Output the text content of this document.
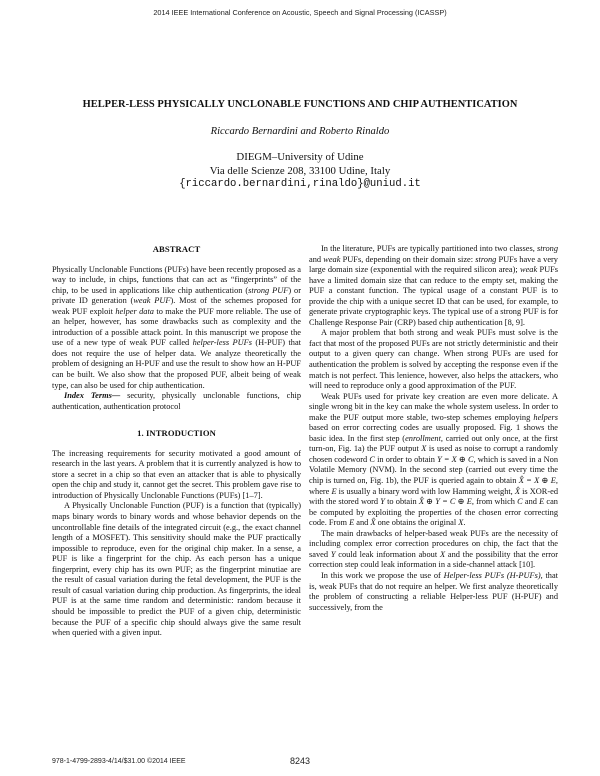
2014 IEEE International Conference on Acoustic, Speech and Signal Processing (ICASSP)
HELPER-LESS PHYSICALLY UNCLONABLE FUNCTIONS AND CHIP AUTHENTICATION
Riccardo Bernardini and Roberto Rinaldo
DIEGM–University of Udine
Via delle Scienze 208, 33100 Udine, Italy
{riccardo.bernardini,rinaldo}@uniud.it
ABSTRACT

Physically Unclonable Functions (PUFs) have been recently proposed as a way to include, in chips, functions that can act as “fingerprints” of the chip, to be used in applications like chip authentication (strong PUF) or private ID generation (weak PUF). Most of the schemes proposed for weak PUF exploit helper data to make the PUF more reliable. The use of an helper, however, has some drawbacks such as complexity and the introduction of a possible attack point. In this manuscript we propose the use of a new type of weak PUF called helper-less PUFs (H-PUF) that does not require the use of helper data. We analyze theoretically the problem of designing an H-PUF and use the result to show how an H-PUF can be built. We also show that the proposed PUF, albeit being of weak type, can also be used for chip authentication.

Index Terms— security, physically unclonable functions, chip authentication, authentication protocol

1. INTRODUCTION

The increasing requirements for security motivated a good amount of research in the last years. A problem that it is currently analyzed is how to store a secret in a chip so that even an attacker that is able to physically open the chip and study it, cannot get the secret. This problem gave rise to introduction of Physically Unclonable Functions (PUFs) [1–7].

A Physically Unclonable Function (PUF) is a function that (typically) maps binary words to binary words and whose behavior depends on the uncontrollable fine details of the integrated circuit (e.g., the exact channel length of a MOSFET). This sensitivity should make the PUF practically impossible to reproduce, even for the original chip maker. In a sense, a PUF is like a fingerprint for the chip. As each person has a unique fingerprint, every chip has its own PUF; as the fingerprint minutiae are the result of casual variation during the fetal development, the PUF is the result of casual variation during chip production. As fingerprints, the ideal PUF is at the same time random and deterministic: random because it should be impossible to predict the PUF of a given chip, deterministic because the PUF of a specific chip should always give the same result when queried with a given input.

In the literature, PUFs are typically partitioned into two classes, strong and weak PUFs, depending on their domain size: strong PUFs have a very large domain size (exponential with the required silicon area); weak PUFs have a limited domain size that can reduce to the empty set, making the PUF a constant function. The typical usage of a constant PUF is to provide the chip with a unique secret ID that can be used, for example, to generate private cryptographic keys. The typical use of a strong PUF is for Challenge Response Pair (CRP) based chip authentication [8, 9].

A major problem that both strong and weak PUFs must solve is the fact that most of the proposed PUFs are not strictly deterministic and their output to a given query can change. When strong PUFs are used for authentication the problem is solved by accepting the response even if the match is not perfect. This lenience, however, also helps the attackers, who will need to reproduce only a good approximation of the PUF.

Weak PUFs used for private key creation are even more delicate. A single wrong bit in the key can make the whole system useless. In order to make the PUF output more stable, two-step schemes employing helpers based on error correcting codes are usually proposed. Fig. 1 shows the basic idea. In the first step (enrollment, carried out only once, at the first turn-on, Fig. 1a) the PUF output X is used as noise to corrupt a randomly chosen codeword C in order to obtain Y = X ⊕ C, which is saved in a Non Volatile Memory (NVM). In the second step (carried out every time the chip is turned on, Fig. 1b), the PUF is queried again to obtain X̂ = X ⊕ E, where E is usually a binary word with low Hamming weight, X̂ is XOR-ed with the stored word Y to obtain X̂ ⊕ Y = C ⊕ E, from which C and E can be computed by exploiting the properties of the chosen error correcting code. From E and X̂ one obtains the original X.

The main drawbacks of helper-based weak PUFs are the necessity of including complex error correction procedures on chip, the fact that the saved Y could leak information about X and the possibility that the error correction step could leak information in a side-channel attack [10].

In this work we propose the use of Helper-less PUFs (H-PUFs), that is, weak PUFs that do not require an helper. We first analyze theoretically the problem of constructing a reliable Helper-less PUF (H-PUF) and successively, from the

978-1-4799-2893-4/14/$31.00 ©2014 IEEE	8243
